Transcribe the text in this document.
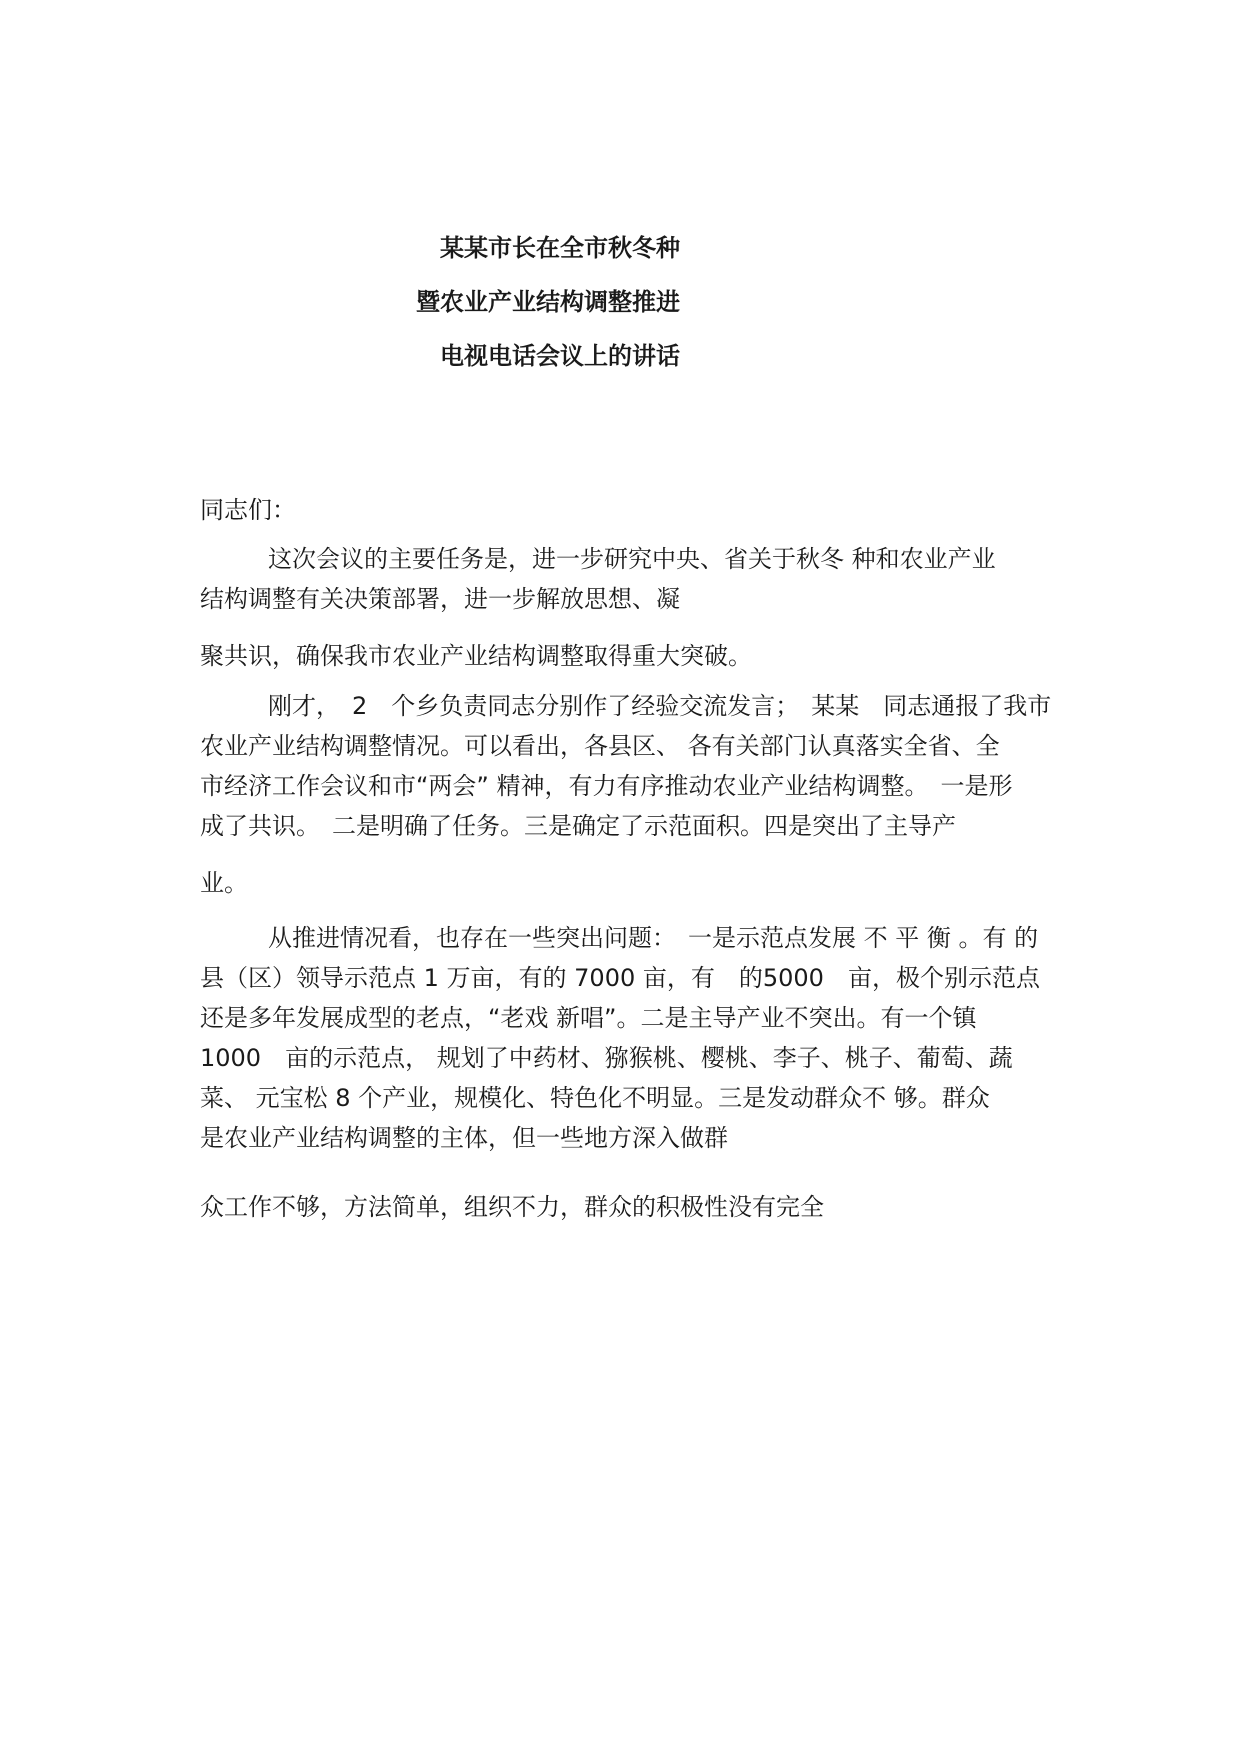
某某市长在全市秋冬种
暨农业产业结构调整推进
电视电话会议上的讲话
同志们：
这次会议的主要任务是，进一步研究中央、省关于秋冬 种和农业产业
结构调整有关决策部署，进一步解放思想、凝
聚共识，确保我市农业产业结构调整取得重大突破。
刚才，　2　个乡负责同志分别作了经验交流发言；　某某　同志通报了我市
农业产业结构调整情况。可以看出，各县区、 各有关部门认真落实全省、全
市经济工作会议和市“两会” 精神，有力有序推动农业产业结构调整。　一是形
成了共识。　二是明确了任务。三是确定了示范面积。四是突出了主导产
业。
从推进情况看，也存在一些突出问题：　一是示范点发展 不 平 衡 。有 的
县（区）领导示范点 1 万亩，有的 7000 亩，有　的5000　亩，极个别示范点
还是多年发展成型的老点，“老戏 新唱”。二是主导产业不突出。有一个镇
1000　亩的示范点， 规划了中药材、猕猴桃、樱桃、李子、桃子、葡萄、蔬
菜、 元宝松 8 个产业，规模化、特色化不明显。三是发动群众不 够。群众
是农业产业结构调整的主体，但一些地方深入做群
众工作不够，方法简单，组织不力，群众的积极性没有完全
